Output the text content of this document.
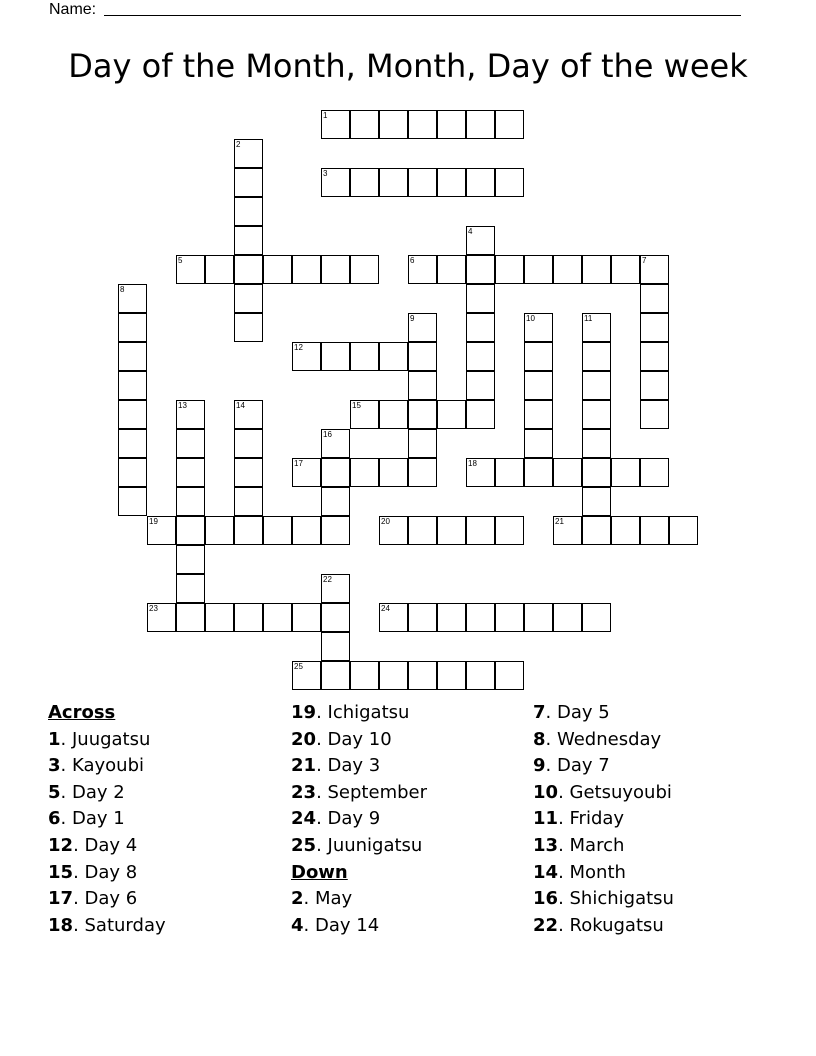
Name:
Day of the Month, Month, Day of the week
1
2
3
4
5	6	7
8
9	10	11
12
13	14	15
16
17	18
19	20	21
22
23	24
25
Across
1. Juugatsu
3. Kayoubi
5. Day 2
6. Day 1
12. Day 4
15. Day 8
17. Day 6
18. Saturday
19. Ichigatsu
20. Day 10
21. Day 3
23. September
24. Day 9
25. Juunigatsu
Down
2. May
4. Day 14
7. Day 5
8. Wednesday
9. Day 7
10. Getsuyoubi
11. Friday
13. March
14. Month
16. Shichigatsu
22. Rokugatsu
